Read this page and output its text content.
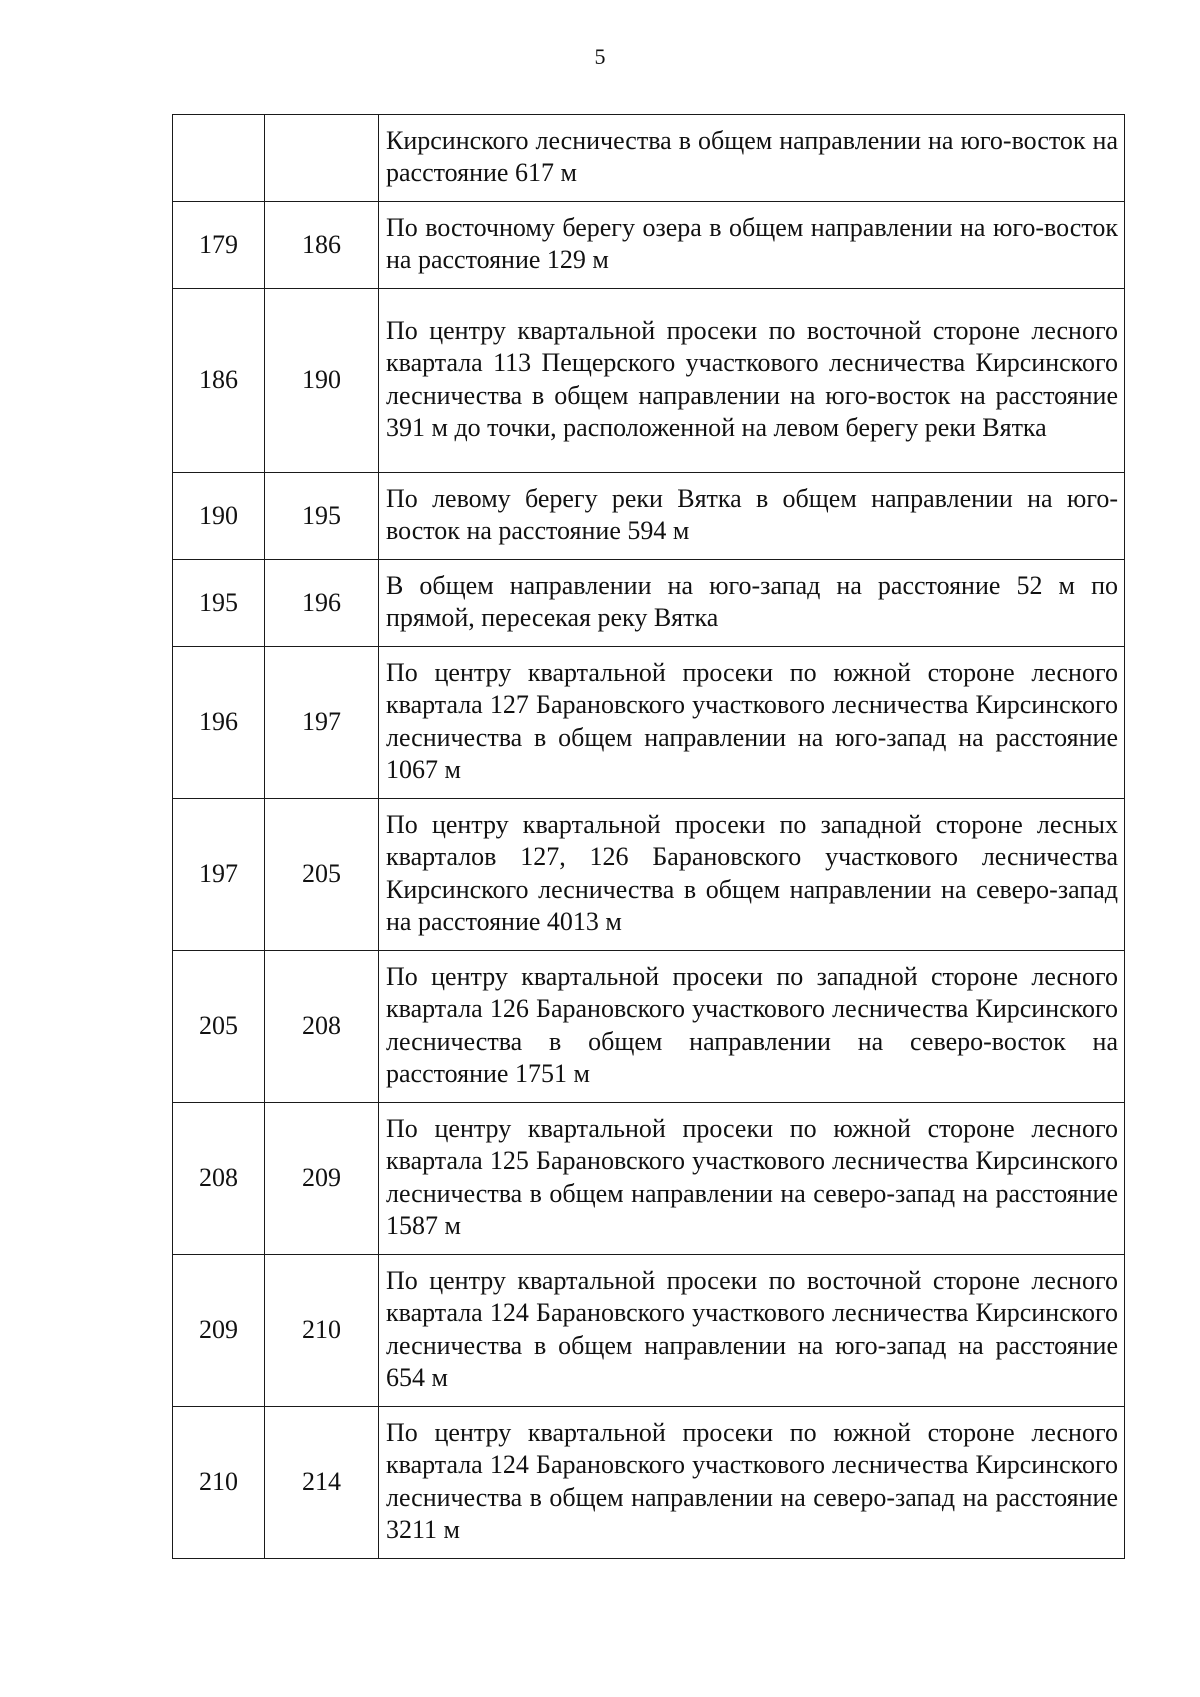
5
		Кирсинского лесничества в общем направлении на юго-восток на расстояние 617 м
179	186	По восточному берегу озера в общем направлении на юго-восток на расстояние 129 м
186	190	По центру квартальной просеки по восточной стороне лесного квартала 113 Пещерского участкового лесничества Кирсинского лесничества в общем направлении на юго-восток на расстояние 391 м до точки, расположенной на левом берегу реки Вятка
190	195	По левому берегу реки Вятка в общем направлении на юго-восток на расстояние 594 м
195	196	В общем направлении на юго-запад на расстояние 52 м по прямой, пересекая реку Вятка
196	197	По центру квартальной просеки по южной стороне лесного квартала 127 Барановского участкового лесничества Кирсинского лесничества в общем направлении на юго-запад на расстояние 1067 м
197	205	По центру квартальной просеки по западной стороне лесных кварталов 127, 126 Барановского участкового лесничества Кирсинского лесничества в общем направлении на северо-запад на расстояние 4013 м
205	208	По центру квартальной просеки по западной стороне лесного квартала 126 Барановского участкового лесничества Кирсинского лесничества в общем направлении на северо-восток на расстояние 1751 м
208	209	По центру квартальной просеки по южной стороне лесного квартала 125 Барановского участкового лесничества Кирсинского лесничества в общем направлении на северо-запад на расстояние 1587 м
209	210	По центру квартальной просеки по восточной стороне лесного квартала 124 Барановского участкового лесничества Кирсинского лесничества в общем направлении на юго-запад на расстояние 654 м
210	214	По центру квартальной просеки по южной стороне лесного квартала 124 Барановского участкового лесничества Кирсинского лесничества в общем направлении на северо-запад на расстояние 3211 м
